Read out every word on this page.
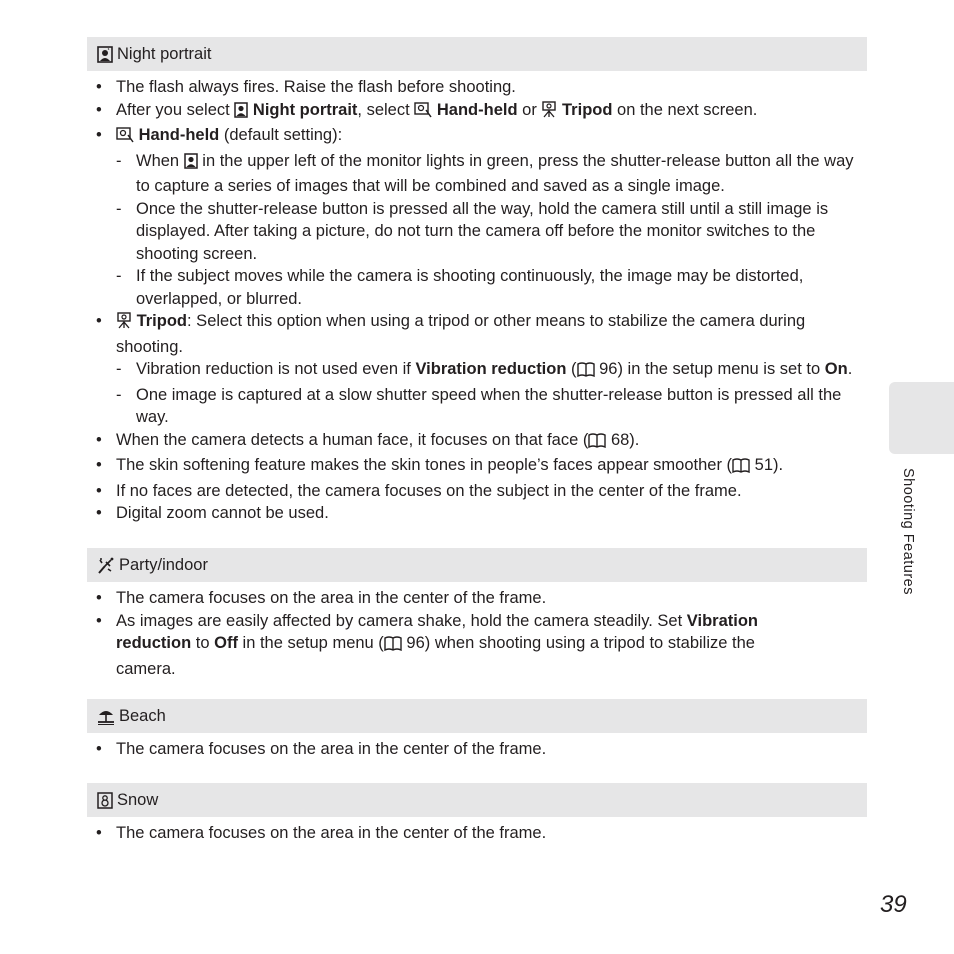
Night portrait
• The flash always fires. Raise the flash before shooting.
• After you select Night portrait, select Hand-held or Tripod on the next screen.
• Hand-held (default setting):
- When in the upper left of the monitor lights in green, press the shutter-release button all the way to capture a series of images that will be combined and saved as a single image.
- Once the shutter-release button is pressed all the way, hold the camera still until a still image is displayed. After taking a picture, do not turn the camera off before the monitor switches to the shooting screen.
- If the subject moves while the camera is shooting continuously, the image may be distorted, overlapped, or blurred.
• Tripod: Select this option when using a tripod or other means to stabilize the camera during shooting.
- Vibration reduction is not used even if Vibration reduction ( 96) in the setup menu is set to On.
- One image is captured at a slow shutter speed when the shutter-release button is pressed all the way.
• When the camera detects a human face, it focuses on that face ( 68).
• The skin softening feature makes the skin tones in people’s faces appear smoother ( 51).
• If no faces are detected, the camera focuses on the subject in the center of the frame.
• Digital zoom cannot be used.
Party/indoor
• The camera focuses on the area in the center of the frame.
• As images are easily affected by camera shake, hold the camera steadily. Set Vibration reduction to Off in the setup menu ( 96) when shooting using a tripod to stabilize the camera.
Beach
• The camera focuses on the area in the center of the frame.
Snow
• The camera focuses on the area in the center of the frame.
Shooting Features
39
